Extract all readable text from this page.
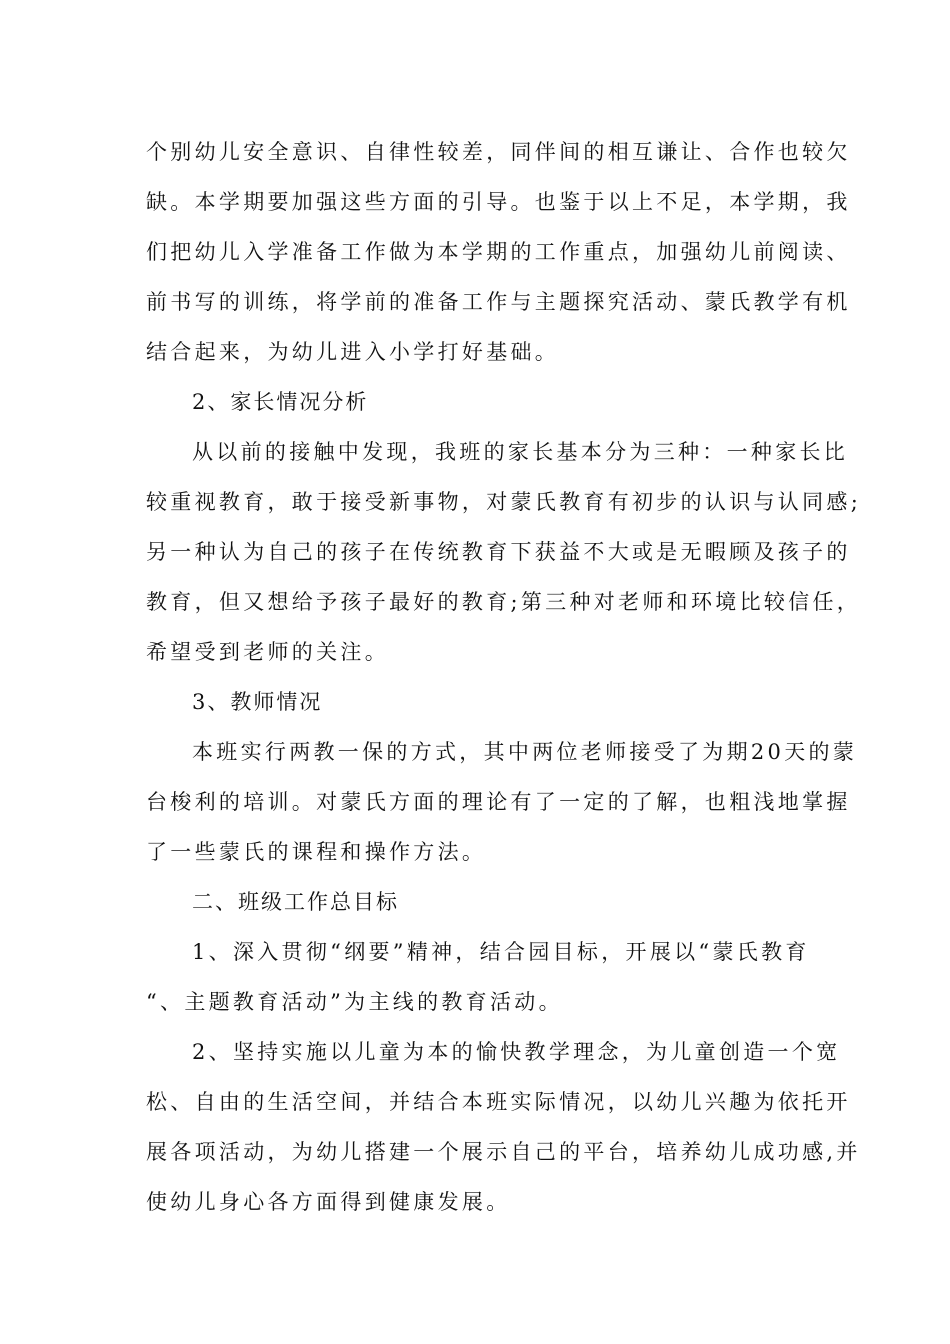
个别幼儿安全意识、自律性较差，同伴间的相互谦让、合作也较欠
缺。本学期要加强这些方面的引导。也鉴于以上不足，本学期，我
们把幼儿入学准备工作做为本学期的工作重点，加强幼儿前阅读、
前书写的训练，将学前的准备工作与主题探究活动、蒙氏教学有机
结合起来，为幼儿进入小学打好基础。
2、家长情况分析
从以前的接触中发现，我班的家长基本分为三种：一种家长比
较重视教育，敢于接受新事物，对蒙氏教育有初步的认识与认同感;
另一种认为自己的孩子在传统教育下获益不大或是无暇顾及孩子的
教育，但又想给予孩子最好的教育;第三种对老师和环境比较信任，
希望受到老师的关注。
3、教师情况
本班实行两教一保的方式，其中两位老师接受了为期20天的蒙
台梭利的培训。对蒙氏方面的理论有了一定的了解，也粗浅地掌握
了一些蒙氏的课程和操作方法。
二、班级工作总目标
1、深入贯彻“纲要”精神，结合园目标，开展以“蒙氏教育
“、主题教育活动”为主线的教育活动。
2、坚持实施以儿童为本的愉快教学理念，为儿童创造一个宽
松、自由的生活空间，并结合本班实际情况，以幼儿兴趣为依托开
展各项活动，为幼儿搭建一个展示自己的平台，培养幼儿成功感,并
使幼儿身心各方面得到健康发展。
